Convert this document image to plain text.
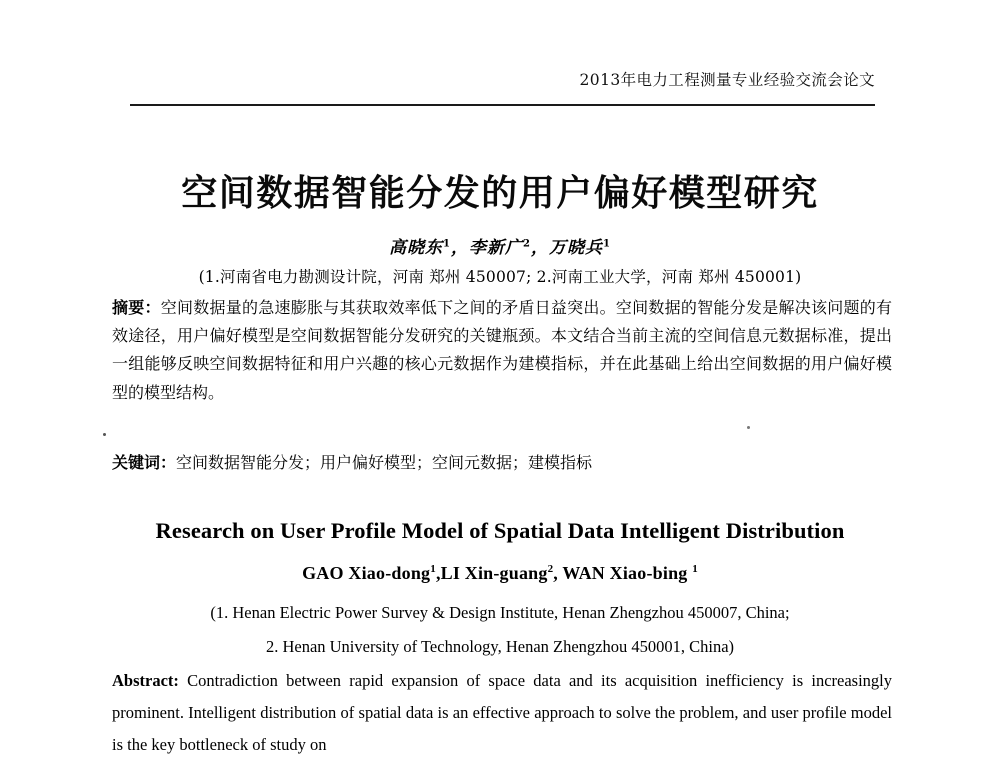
2013年电力工程测量专业经验交流会论文
空间数据智能分发的用户偏好模型研究
高晓东$^1$，李新广$^2$，万晓兵$^1$
(1.河南省电力勘测设计院，河南 郑州 450007; 2.河南工业大学，河南 郑州 450001)
摘要：空间数据量的急速膨胀与其获取效率低下之间的矛盾日益突出。空间数据的智能分发是解决该问题的有效途径，用户偏好模型是空间数据智能分发研究的关键瓶颈。本文结合当前主流的空间信息元数据标准，提出一组能够反映空间数据特征和用户兴趣的核心元数据作为建模指标，并在此基础上给出空间数据的用户偏好模型的模型结构。
关键词：空间数据智能分发；用户偏好模型；空间元数据；建模指标
Research on User Profile Model of Spatial Data Intelligent Distribution
GAO Xiao-dong$^1$,LI Xin-guang$^2$, WAN Xiao-bing $^1$
(1. Henan Electric Power Survey & Design Institute, Henan Zhengzhou 450007, China;
2. Henan University of Technology, Henan Zhengzhou 450001, China)
Abstract: Contradiction between rapid expansion of space data and its acquisition inefficiency is increasingly prominent. Intelligent distribution of spatial data is an effective approach to solve the problem, and user profile model is the key bottleneck of study on
